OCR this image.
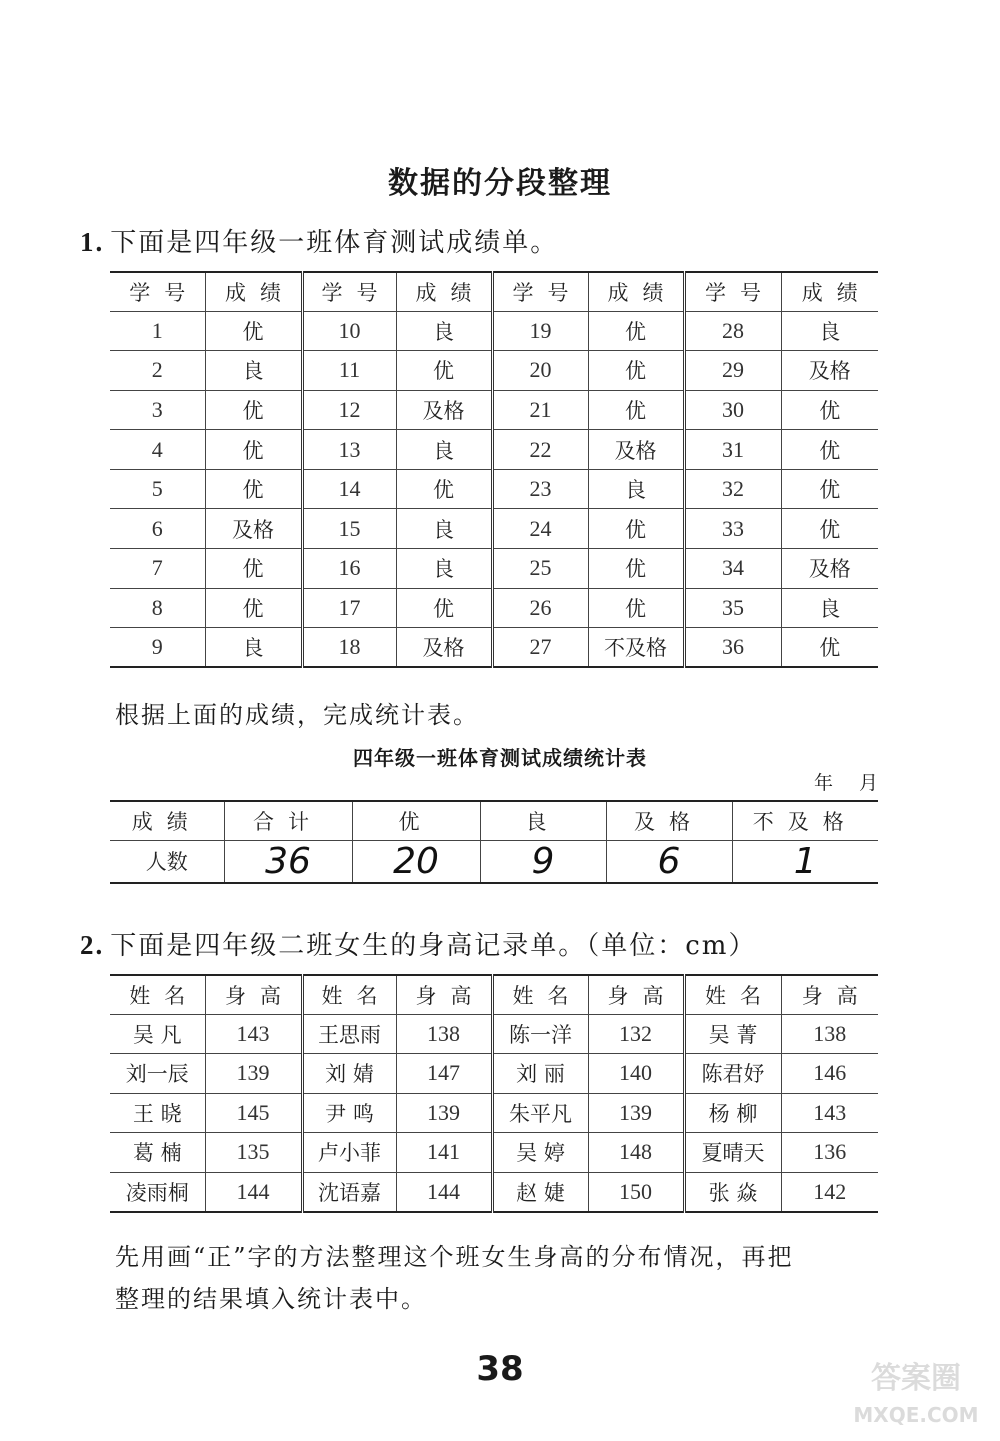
数据的分段整理
1. 下面是四年级一班体育测试成绩单。
学号	成绩	学号	成绩	学号	成绩	学号	成绩
1	优	10	良	19	优	28	良
2	良	11	优	20	优	29	及格
3	优	12	及格	21	优	30	优
4	优	13	良	22	及格	31	优
5	优	14	优	23	良	32	优
6	及格	15	良	24	优	33	优
7	优	16	良	25	优	34	及格
8	优	17	优	26	优	35	良
9	良	18	及格	27	不及格	36	优
根据上面的成绩，完成统计表。
四年级一班体育测试成绩统计表
年 月
成绩	合计	优	良	及格	不及格
人数	36	20	9	6	1
2. 下面是四年级二班女生的身高记录单。（单位：cm）
姓名	身高	姓名	身高	姓名	身高	姓名	身高
吴 凡	143	王思雨	138	陈一洋	132	吴 菁	138
刘一辰	139	刘 婧	147	刘 丽	140	陈君妤	146
王 晓	145	尹 鸣	139	朱平凡	139	杨 柳	143
葛 楠	135	卢小菲	141	吴 婷	148	夏晴天	136
凌雨桐	144	沈语嘉	144	赵 婕	150	张 焱	142
先用画“正”字的方法整理这个班女生身高的分布情况，再把
整理的结果填入统计表中。
38	答案圈
MXQE.COM
